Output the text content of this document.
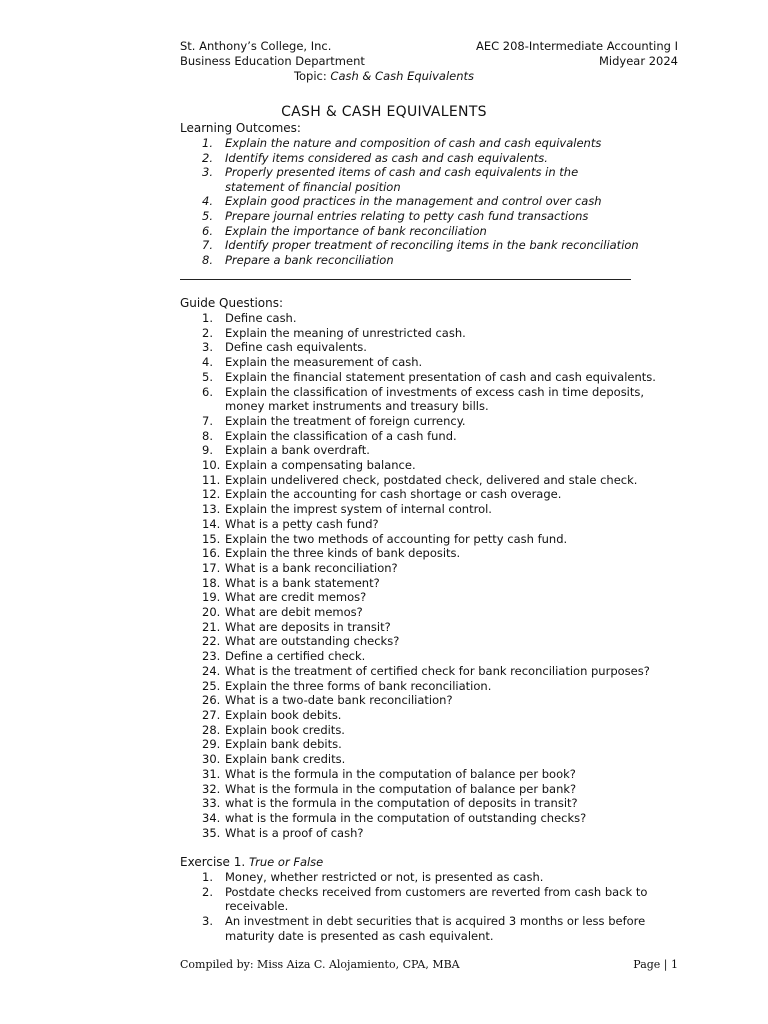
St. Anthony’s College, Inc.
Business Education Department
AEC 208-Intermediate Accounting I
Midyear 2024
Topic: Cash & Cash Equivalents
CASH & CASH EQUIVALENTS
Learning Outcomes:
1. Explain the nature and composition of cash and cash equivalents
2. Identify items considered as cash and cash equivalents.
3. Properly presented items of cash and cash equivalents in the statement of financial position
4. Explain good practices in the management and control over cash
5. Prepare journal entries relating to petty cash fund transactions
6. Explain the importance of bank reconciliation
7. Identify proper treatment of reconciling items in the bank reconciliation
8. Prepare a bank reconciliation
Guide Questions:
1. Define cash.
2. Explain the meaning of unrestricted cash.
3. Define cash equivalents.
4. Explain the measurement of cash.
5. Explain the financial statement presentation of cash and cash equivalents.
6. Explain the classification of investments of excess cash in time deposits, money market instruments and treasury bills.
7. Explain the treatment of foreign currency.
8. Explain the classification of a cash fund.
9. Explain a bank overdraft.
10. Explain a compensating balance.
11. Explain undelivered check, postdated check, delivered and stale check.
12. Explain the accounting for cash shortage or cash overage.
13. Explain the imprest system of internal control.
14. What is a petty cash fund?
15. Explain the two methods of accounting for petty cash fund.
16. Explain the three kinds of bank deposits.
17. What is a bank reconciliation?
18. What is a bank statement?
19. What are credit memos?
20. What are debit memos?
21. What are deposits in transit?
22. What are outstanding checks?
23. Define a certified check.
24. What is the treatment of certified check for bank reconciliation purposes?
25. Explain the three forms of bank reconciliation.
26. What is a two-date bank reconciliation?
27. Explain book debits.
28. Explain book credits.
29. Explain bank debits.
30. Explain bank credits.
31. What is the formula in the computation of balance per book?
32. What is the formula in the computation of balance per bank?
33. what is the formula in the computation of deposits in transit?
34. what is the formula in the computation of outstanding checks?
35. What is a proof of cash?
Exercise 1. True or False
1. Money, whether restricted or not, is presented as cash.
2. Postdate checks received from customers are reverted from cash back to receivable.
3. An investment in debt securities that is acquired 3 months or less before maturity date is presented as cash equivalent.
Compiled by: Miss Aiza C. Alojamiento, CPA, MBA	Page | 1
